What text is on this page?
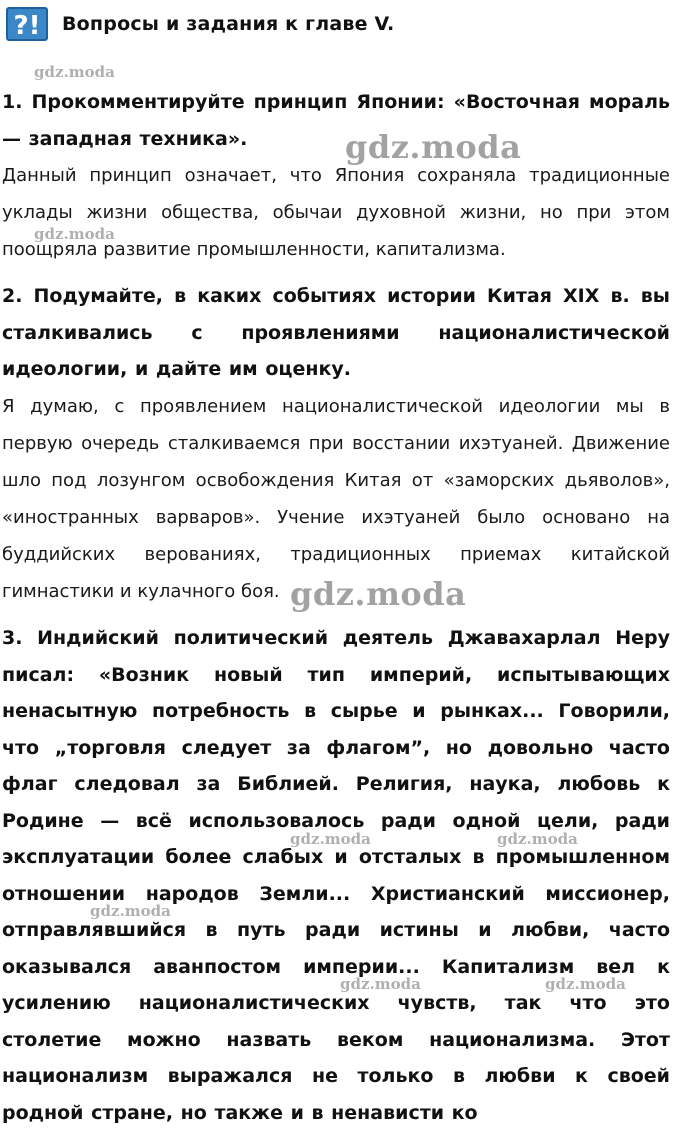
?! Вопросы и задания к главе V.
1. Прокомментируйте принцип Японии: «Восточная мораль — западная техника».
Данный принцип означает, что Япония сохраняла традиционные уклады жизни общества, обычаи духовной жизни, но при этом поощряла развитие промышленности, капитализма.
2. Подумайте, в каких событиях истории Китая XIX в. вы сталкивались с проявлениями националистической идеологии, и дайте им оценку.
Я думаю, с проявлением националистической идеологии мы в первую очередь сталкиваемся при восстании ихэтуаней. Движение шло под лозунгом освобождения Китая от «заморских дьяволов», «иностранных варваров». Учение ихэтуаней было основано на буддийских верованиях, традиционных приемах китайской гимнастики и кулачного боя.
3. Индийский политический деятель Джавахарлал Неру писал: «Возник новый тип империй, испытывающих ненасытную потребность в сырье и рынках... Говорили, что „торговля следует за флагом”, но довольно часто флаг следовал за Библией. Религия, наука, любовь к Родине — всё использовалось ради одной цели, ради эксплуатации более слабых и отсталых в промышленном отношении народов Земли... Христианский миссионер, отправлявшийся в путь ради истины и любви, часто оказывался аванпостом империи... Капитализм вел к усилению националистических чувств, так что это столетие можно назвать веком национализма. Этот национализм выражался не только в любви к своей родной стране, но также и в ненависти ко
gdz.moda
gdz.moda
gdz.moda
gdz.moda
gdz.moda	gdz.moda
gdz.moda
gdz.moda	gdz.moda
